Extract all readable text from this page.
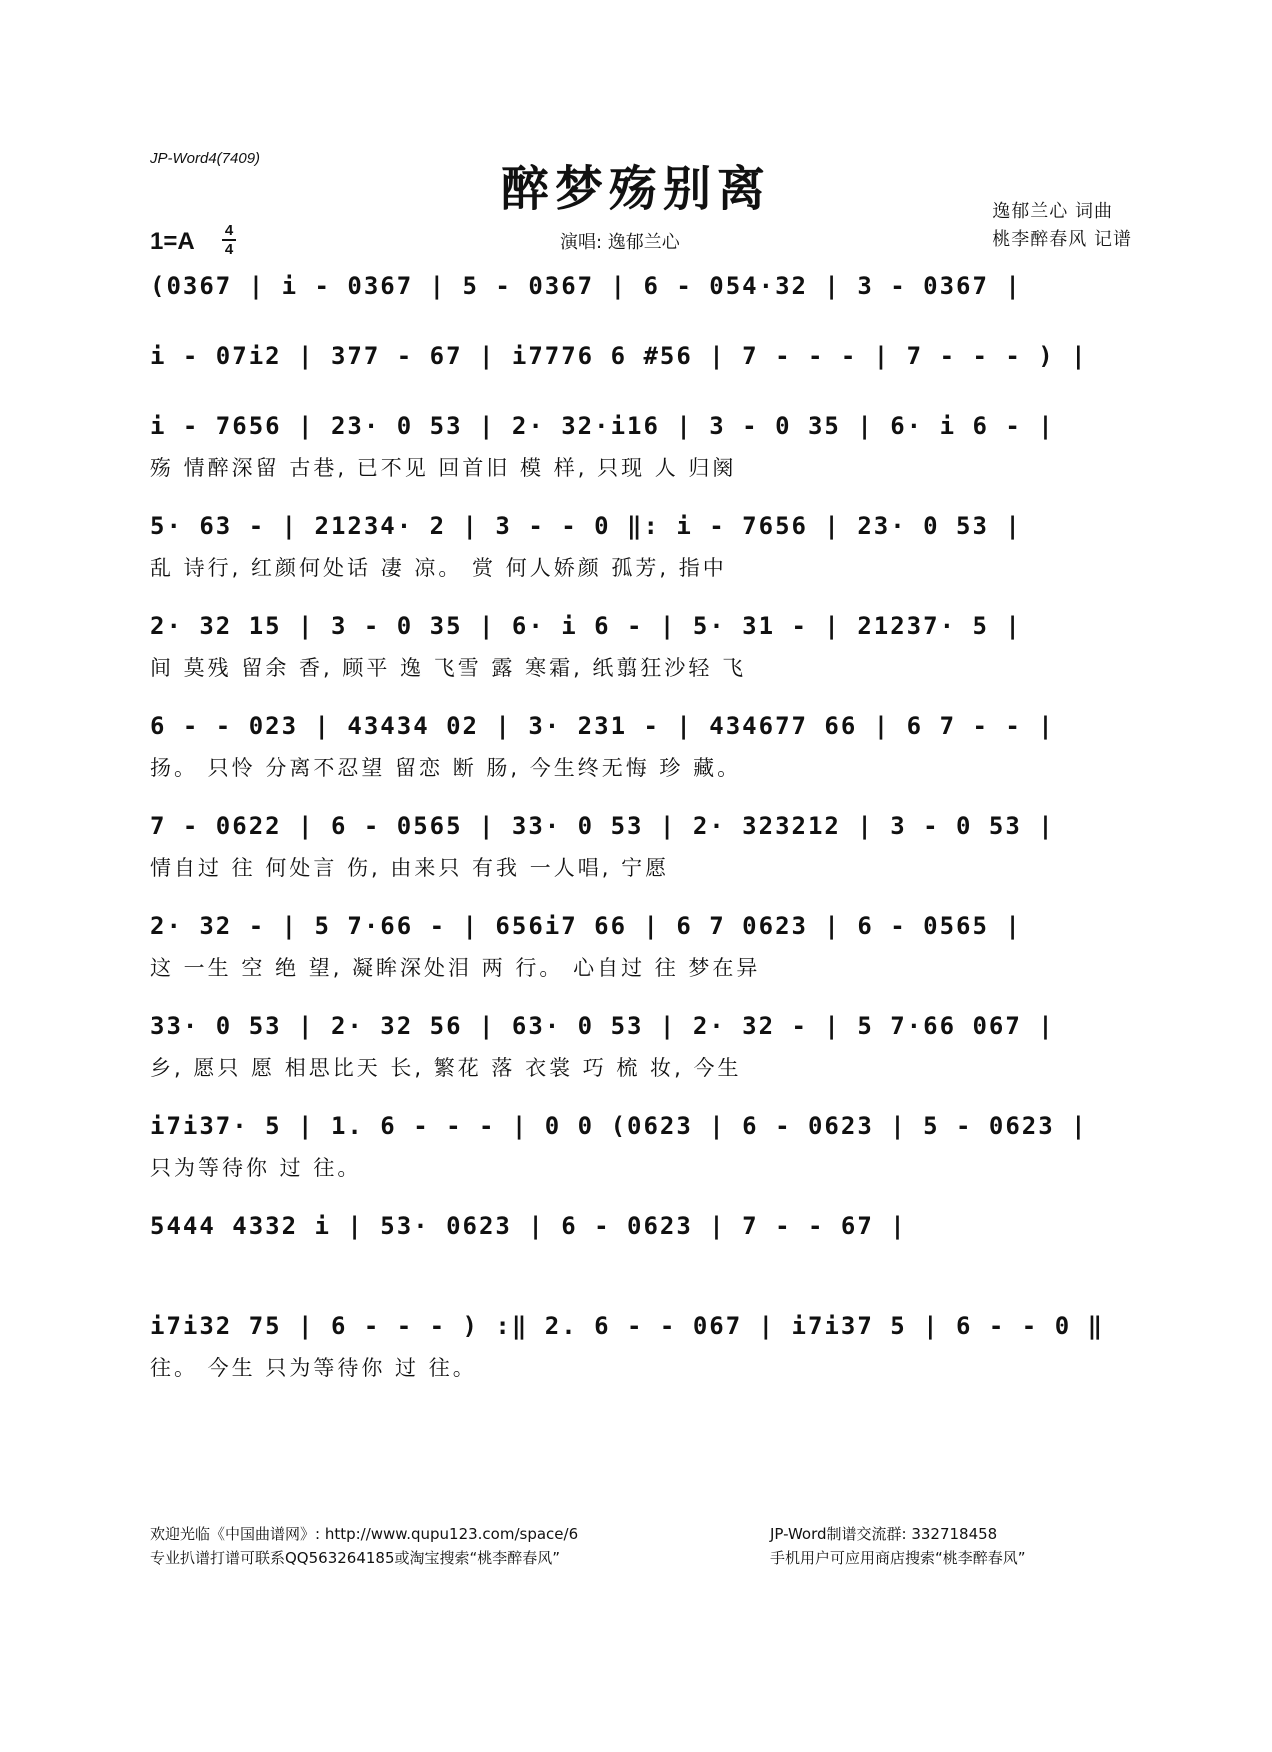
JP-Word4(7409)
醉梦殇别离
1=A 4
4	演唱: 逸郁兰心
逸郁兰心 词曲
桃李醉春风 记谱
(0367 | i - 0367 | 5 - 0367 | 6 - 054·32 | 3 - 0367 |
i - 07i2 | 377 - 67 | i7776 6 #56 | 7 - - - | 7 - - - ) |
i - 7656 | 23· 0 53 | 2· 32·i16 | 3 - 0 35 | 6· i 6 - |
殇 情醉深留 古巷, 已不见 回首旧 模 样, 只现 人 归阕
5· 63 - | 21234· 2 | 3 - - 0 ‖: i - 7656 | 23· 0 53 |
乱 诗行, 红颜何处话 凄 凉。 赏 何人娇颜 孤芳, 指中
2· 32 15 | 3 - 0 35 | 6· i 6 - | 5· 31 - | 21237· 5 |
间 莫残 留余 香, 顾平 逸 飞雪 露 寒霜, 纸翦狂沙轻 飞
6 - - 023 | 43434 02 | 3· 231 - | 434677 66 | 6 7 - - |
扬。 只怜 分离不忍望 留恋 断 肠, 今生终无悔 珍 藏。
7 - 0622 | 6 - 0565 | 33· 0 53 | 2· 323212 | 3 - 0 53 |
情自过 往 何处言 伤, 由来只 有我 一人唱, 宁愿
2· 32 - | 5 7·66 - | 656i7 66 | 6 7 0623 | 6 - 0565 |
这 一生 空 绝 望, 凝眸深处泪 两 行。 心自过 往 梦在异
33· 0 53 | 2· 32 56 | 63· 0 53 | 2· 32 - | 5 7·66 067 |
乡, 愿只 愿 相思比天 长, 繁花 落 衣裳 巧 梳 妆, 今生
i7i37· 5 | 1. 6 - - - | 0 0 (0623 | 6 - 0623 | 5 - 0623 |
只为等待你 过 往。
5444 4332 i | 53· 0623 | 6 - 0623 | 7 - - 67 |
i7i32 75 | 6 - - - ) :‖ 2. 6 - - 067 | i7i37 5 | 6 - - 0 ‖
往。 今生 只为等待你 过 往。
欢迎光临《中国曲谱网》: http://www.qupu123.com/space/6
专业扒谱打谱可联系QQ563264185或淘宝搜索“桃李醉春风”
JP-Word制谱交流群: 332718458
手机用户可应用商店搜索“桃李醉春风”
